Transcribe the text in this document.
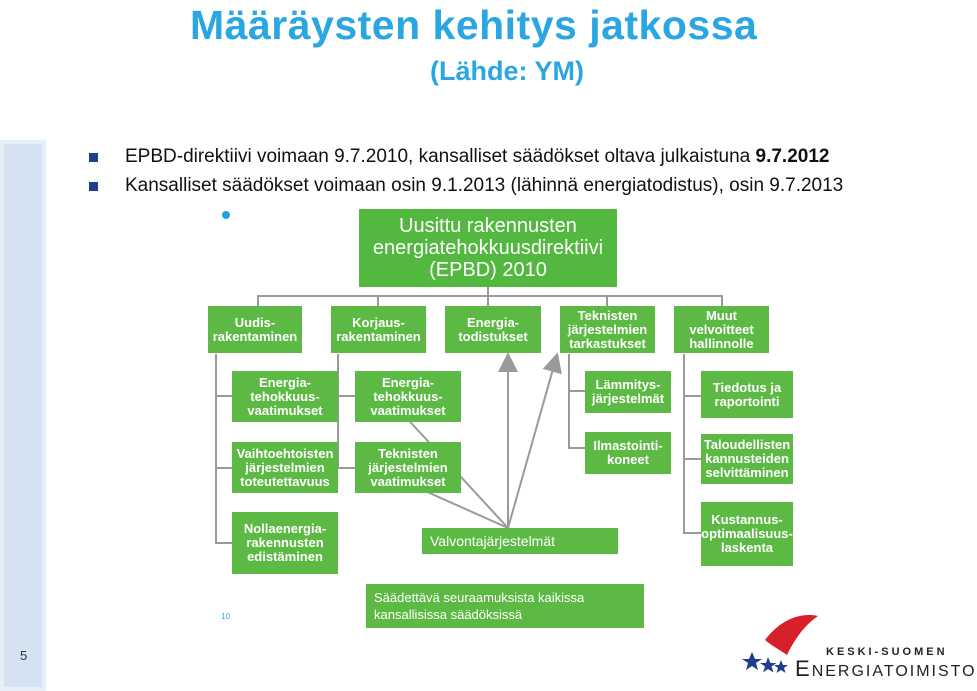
5
Määräysten kehitys jatkossa
(Lähde: YM)
EPBD-direktiivi voimaan 9.7.2010, kansalliset säädökset oltava julkaistuna 9.7.2012
Kansalliset säädökset voimaan osin 9.1.2013 (lähinnä energiatodistus), osin 9.7.2013
Uusittu rakennusten
energiatehokkuusdirektiivi
(EPBD) 2010
Uudis-
rakentaminen
Korjaus-
rakentaminen
Energia-
todistukset
Teknisten
järjestelmien
tarkastukset
Muut
velvoitteet
hallinnolle
Energia-
tehokkuus-
vaatimukset
Vaihtoehtoisten
järjestelmien
toteutettavuus
Nollaenergia-
rakennusten
edistäminen
Energia-
tehokkuus-
vaatimukset
Teknisten
järjestelmien
vaatimukset
Lämmitys-
järjestelmät
Ilmastointi-
koneet
Tiedotus ja
raportointi
Taloudellisten
kannusteiden
selvittäminen
Kustannus-
optimaalisuus-
laskenta
Valvontajärjestelmät
Säädettävä seuraamuksista kaikissa
kansallisissa säädöksissä
10
KESKI-SUOMEN
ENERGIATOIMISTO
